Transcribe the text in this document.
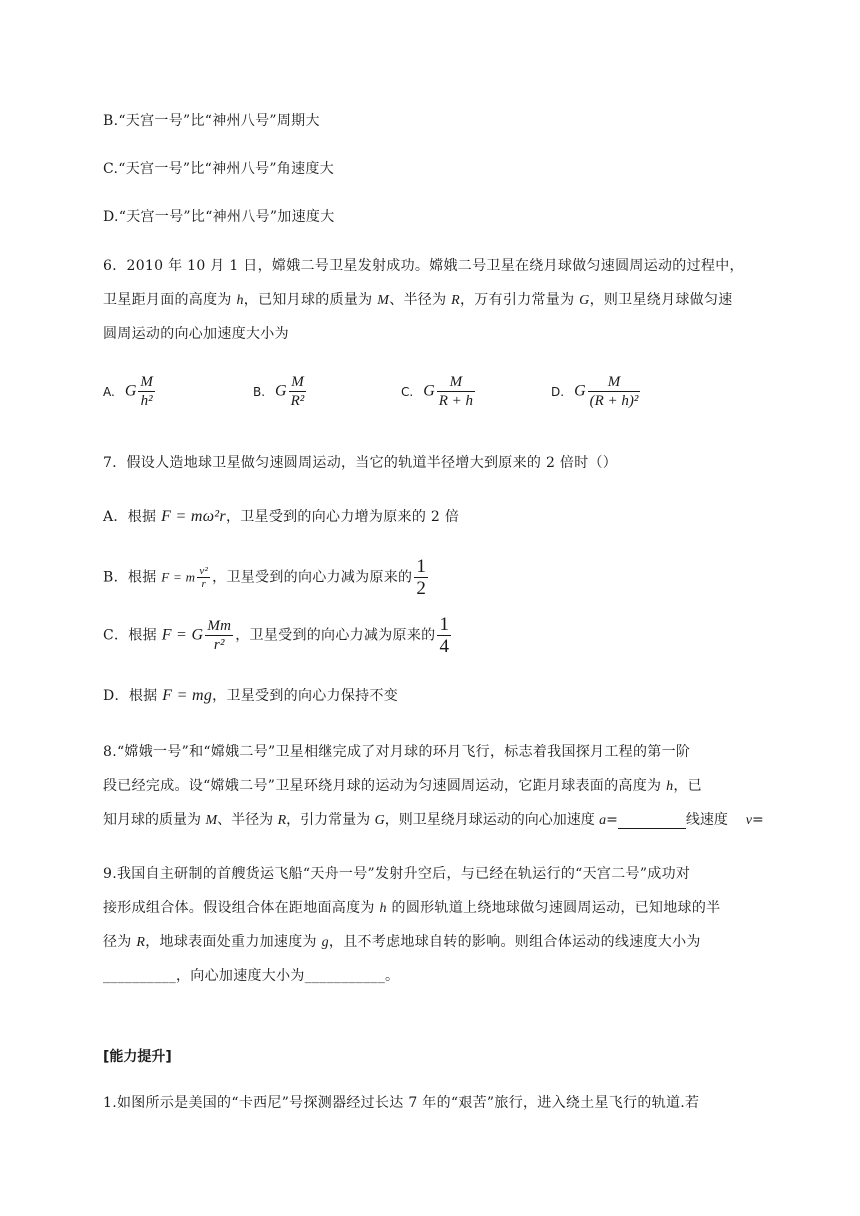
B.“天宫一号”比“神州八号”周期大
C.“天宫一号”比“神州八号”角速度大
D.“天宫一号”比“神州八号”加速度大
6．2010 年 10 月 1 日，嫦娥二号卫星发射成功。嫦娥二号卫星在绕月球做匀速圆周运动的过程中，
卫星距月面的高度为 h，已知月球的质量为 M、半径为 R，万有引力常量为 G，则卫星绕月球做匀速
圆周运动的向心加速度大小为
A. G $\frac{M}{\text{h²}}$	B. G $\frac{M}{\text{R²}}$	C. G $\frac{M}{R + h}$	D. G $\frac{M}{\text{(R + h)²}}$
7．假设人造地球卫星做匀速圆周运动，当它的轨道半径增大到原来的 2 倍时（）
A．根据 F = mω²r，卫星受到的向心力增为原来的 2 倍
B．根据 F = m $\frac{\text{v²}}{r}$ ，卫星受到的向心力减为原来的 $\frac{1}{2}$
C．根据 F = G $\frac{Mm}{\text{r²}}$ ，卫星受到的向心力减为原来的 $\frac{1}{4}$
D．根据 F = mg，卫星受到的向心力保持不变
8.“嫦娥一号”和“嫦娥二号”卫星相继完成了对月球的环月飞行，标志着我国探月工程的第一阶
段已经完成。设“嫦娥二号”卫星环绕月球的运动为匀速圆周运动，它距月球表面的高度为 h，已
知月球的质量为 M、半径为 R，引力常量为 G，则卫星绕月球运动的向心加速度 a=	线速度 v=
9.我国自主研制的首艘货运飞船“天舟一号”发射升空后，与已经在轨运行的“天宫二号”成功对
接形成组合体。假设组合体在距地面高度为 h 的圆形轨道上绕地球做匀速圆周运动，已知地球的半
径为 R，地球表面处重力加速度为 g，且不考虑地球自转的影响。则组合体运动的线速度大小为
__________，向心加速度大小为___________。
[能力提升]
1.如图所示是美国的“卡西尼”号探测器经过长达 7 年的“艰苦”旅行，进入绕土星飞行的轨道.若
